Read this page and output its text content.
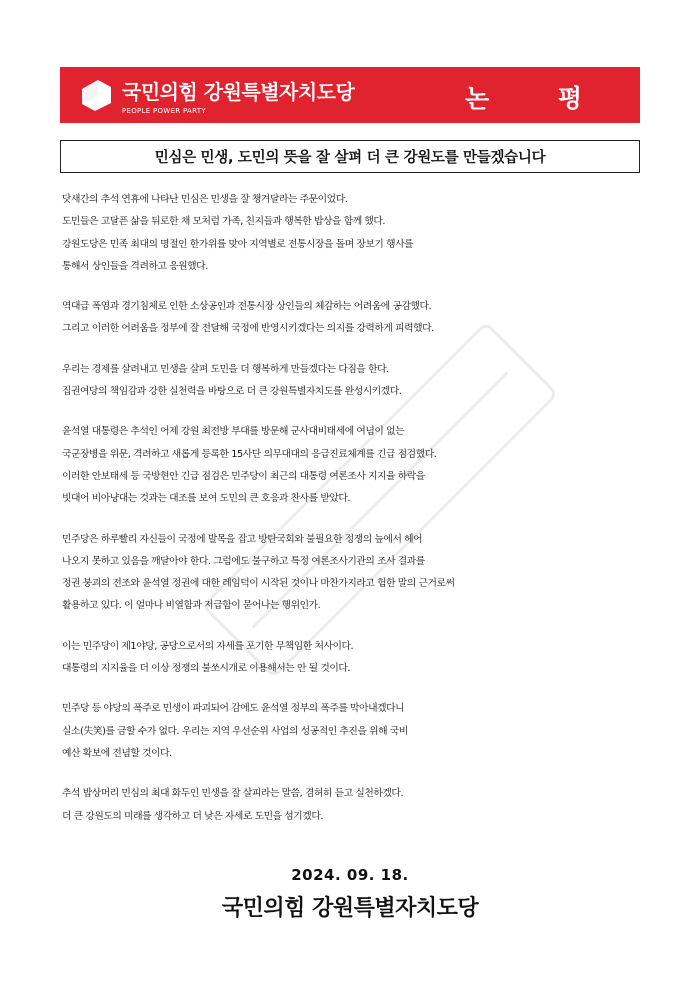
국민의힘 강원특별자치도당
PEOPLE POWER PARTY	논 평
민심은 민생, 도민의 뜻을 잘 살펴 더 큰 강원도를 만들겠습니다
닷새간의 추석 연휴에 나타난 민심은 민생을 잘 챙겨달라는 주문이었다.
도민들은 고달픈 삶을 뒤로한 채 모처럼 가족, 친지들과 행복한 밥상을 함께 했다.
강원도당은 민족 최대의 명절인 한가위를 맞아 지역별로 전통시장을 돌며 장보기 행사를
통해서 상인들을 격려하고 응원했다.
역대급 폭염과 경기침체로 인한 소상공인과 전통시장 상인들의 체감하는 어려움에 공감했다.
그리고 이러한 어려움을 정부에 잘 전달해 국정에 반영시키겠다는 의지를 강력하게 피력했다.
우리는 경제를 살려내고 민생을 살펴 도민을 더 행복하게 만들겠다는 다짐을 한다.
집권여당의 책임감과 강한 실천력을 바탕으로 더 큰 강원특별자치도를 완성시키겠다.
윤석열 대통령은 추석인 어제 강원 최전방 부대를 방문해 군사대비태세에 여념이 없는
국군장병을 위문, 격려하고 새롭게 등록한 15사단 의무대대의 응급진료체계를 긴급 점검했다.
이러한 안보태세 등 국방현안 긴급 점검은 민주당이 최근의 대통령 여론조사 지지율 하락을
빗대어 비아냥대는 것과는 대조를 보여 도민의 큰 호응과 찬사를 받았다.
민주당은 하루빨리 자신들이 국정에 발목을 잡고 방탄국회와 불필요한 정쟁의 늪에서 헤어
나오지 못하고 있음을 깨달아야 한다. 그럼에도 불구하고 특정 여론조사기관의 조사 결과를
정권 붕괴의 전조와 윤석열 정권에 대한 레임덕이 시작된 것이나 마찬가지라고 험한 말의 근거로써
활용하고 있다. 이 얼마나 비열함과 저급함이 묻어나는 행위인가.
이는 민주당이 제1야당, 공당으로서의 자세를 포기한 무책임한 처사이다.
대통령의 지지율을 더 이상 정쟁의 불쏘시개로 이용해서는 안 될 것이다.
민주당 등 야당의 폭주로 민생이 파괴되어 감에도 윤석열 정부의 폭주를 막아내겠다니
실소(失笑)를 금할 수가 없다. 우리는 지역 우선순위 사업의 성공적인 추진을 위해 국비
예산 확보에 전념할 것이다.
추석 밥상머리 민심의 최대 화두인 민생을 잘 살피라는 말씀, 겸허히 듣고 실천하겠다.
더 큰 강원도의 미래를 생각하고 더 낮은 자세로 도민을 섬기겠다.
2024. 09. 18.
국민의힘 강원특별자치도당
